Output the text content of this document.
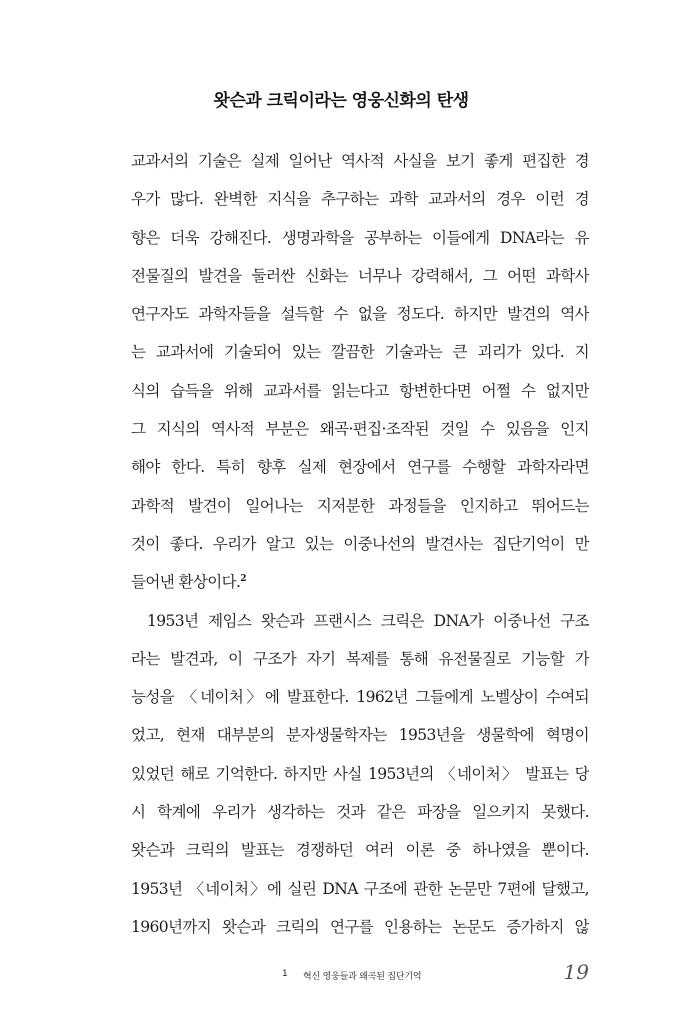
왓슨과 크릭이라는 영웅신화의 탄생
교과서의 기술은 실제 일어난 역사적 사실을 보기 좋게 편집한 경
우가 많다. 완벽한 지식을 추구하는 과학 교과서의 경우 이런 경
향은 더욱 강해진다. 생명과학을 공부하는 이들에게 DNA라는 유
전물질의 발견을 둘러싼 신화는 너무나 강력해서, 그 어떤 과학사
연구자도 과학자들을 설득할 수 없을 정도다. 하지만 발견의 역사
는 교과서에 기술되어 있는 깔끔한 기술과는 큰 괴리가 있다. 지
식의 습득을 위해 교과서를 읽는다고 항변한다면 어쩔 수 없지만
그 지식의 역사적 부분은 왜곡·편집·조작된 것일 수 있음을 인지
해야 한다. 특히 향후 실제 현장에서 연구를 수행할 과학자라면
과학적 발견이 일어나는 지저분한 과정들을 인지하고 뛰어드는
것이 좋다. 우리가 알고 있는 이중나선의 발견사는 집단기억이 만
들어낸 환상이다.$^2$
1953년 제임스 왓슨과 프랜시스 크릭은 DNA가 이중나선 구조
라는 발견과, 이 구조가 자기 복제를 통해 유전물질로 기능할 가
능성을 〈네이처〉에 발표한다. 1962년 그들에게 노벨상이 수여되
었고, 현재 대부분의 분자생물학자는 1953년을 생물학에 혁명이
있었던 해로 기억한다. 하지만 사실 1953년의 〈네이처〉 발표는 당
시 학계에 우리가 생각하는 것과 같은 파장을 일으키지 못했다.
왓슨과 크릭의 발표는 경쟁하던 여러 이론 중 하나였을 뿐이다.
1953년 〈네이처〉에 실린 DNA 구조에 관한 논문만 7편에 달했고,
1960년까지 왓슨과 크릭의 연구를 인용하는 논문도 증가하지 않
1 혁신 영웅들과 왜곡된 집단기억	19
